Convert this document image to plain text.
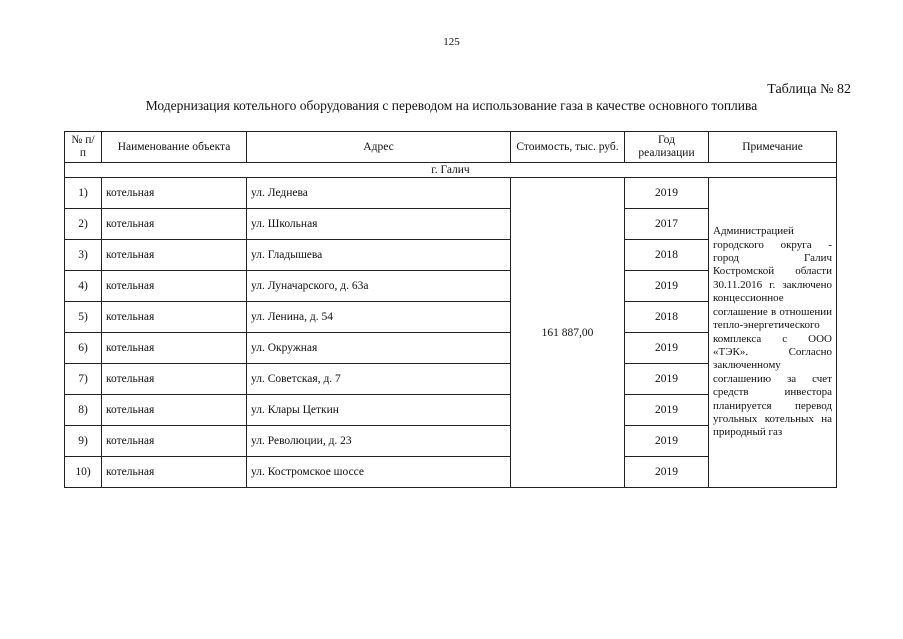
125
Таблица № 82
Модернизация котельного оборудования с переводом на использование газа в качестве основного топлива
№ п/п	Наименование объекта	Адрес	Стоимость, тыс. руб.	Год реализации	Примечание
г. Галич					
1)	котельная	ул. Леднева	161 887,00	2019	Администрацией городского округа - город Галич Костромской области 30.11.2016 г. заключено концессионное соглашение в отношении тепло-энергетического комплекса с ООО «ТЭК». Согласно заключенному соглашению за счет средств инвестора планируется перевод угольных котельных на природный газ
2)	котельная	ул. Школьная		2017	
3)	котельная	ул. Гладышева		2018	
4)	котельная	ул. Луначарского, д. 63а		2019	
5)	котельная	ул. Ленина, д. 54		2018	
6)	котельная	ул. Окружная		2019	
7)	котельная	ул. Советская, д. 7		2019	
8)	котельная	ул. Клары Цеткин		2019	
9)	котельная	ул. Революции, д. 23		2019	
10)	котельная	ул. Костромское шоссе		2019	
